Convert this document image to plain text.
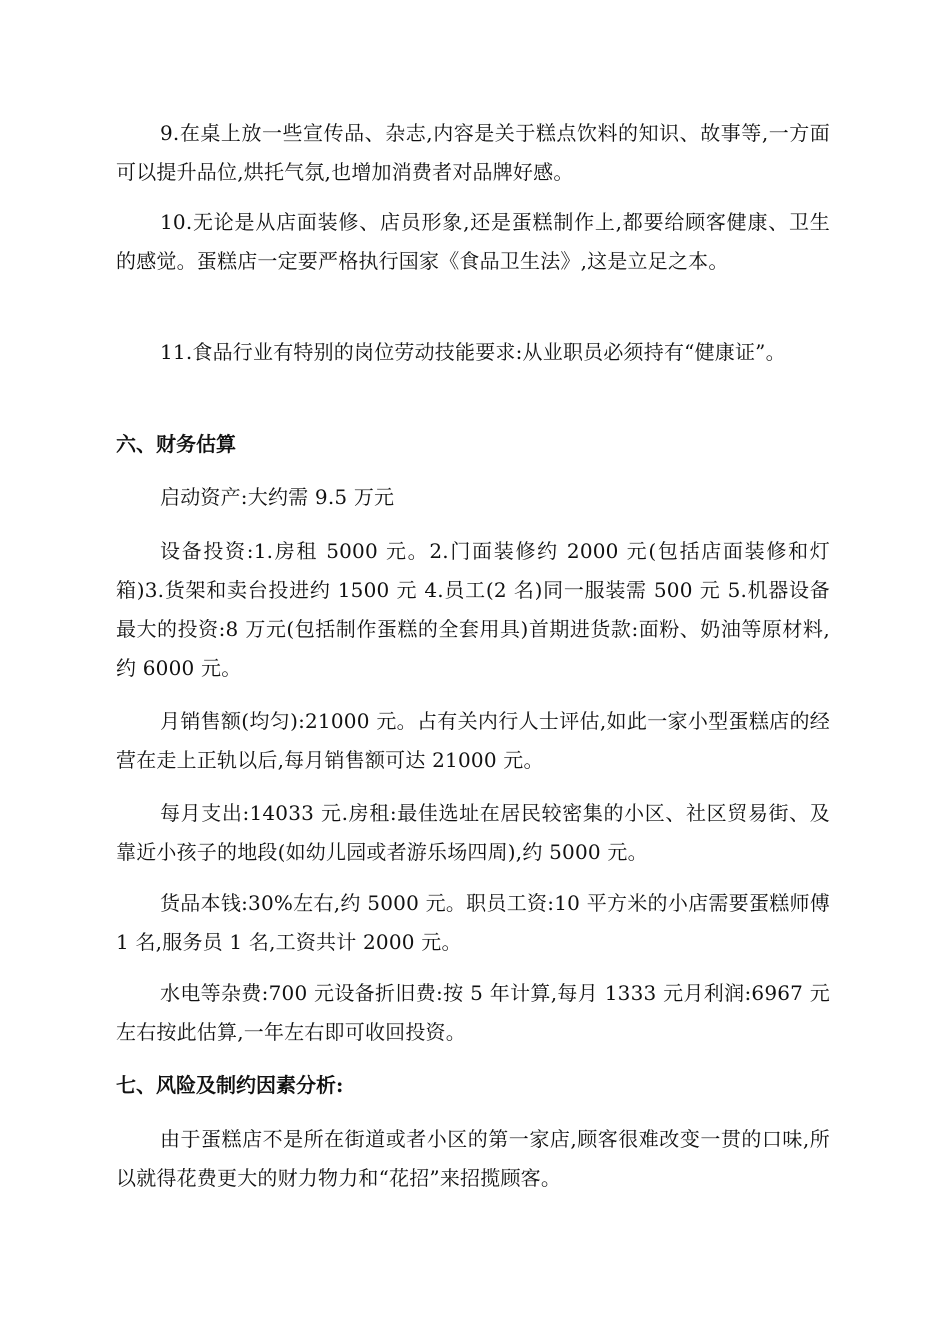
9.在桌上放一些宣传品、杂志,内容是关于糕点饮料的知识、故事等,一方面可以提升品位,烘托气氛,也增加消费者对品牌好感。

10.无论是从店面装修、店员形象,还是蛋糕制作上,都要给顾客健康、卫生的感觉。蛋糕店一定要严格执行国家《食品卫生法》,这是立足之本。

11.食品行业有特别的岗位劳动技能要求:从业职员必须持有“健康证”。

六、财务估算

启动资产:大约需 9.5 万元

设备投资:1.房租 5000 元。2.门面装修约 2000 元(包括店面装修和灯箱)3.货架和卖台投进约 1500 元 4.员工(2 名)同一服装需 500 元 5.机器设备最大的投资:8 万元(包括制作蛋糕的全套用具)首期进货款:面粉、奶油等原材料,约 6000 元。

月销售额(均匀):21000 元。占有关内行人士评估,如此一家小型蛋糕店的经营在走上正轨以后,每月销售额可达 21000 元。

每月支出:14033 元.房租:最佳选址在居民较密集的小区、社区贸易街、及靠近小孩子的地段(如幼儿园或者游乐场四周),约 5000 元。

货品本钱:30%左右,约 5000 元。职员工资:10 平方米的小店需要蛋糕师傅 1 名,服务员 1 名,工资共计 2000 元。

水电等杂费:700 元设备折旧费:按 5 年计算,每月 1333 元月利润:6967 元左右按此估算,一年左右即可收回投资。

七、风险及制约因素分析:

由于蛋糕店不是所在街道或者小区的第一家店,顾客很难改变一贯的口味,所以就得花费更大的财力物力和“花招”来招揽顾客。
